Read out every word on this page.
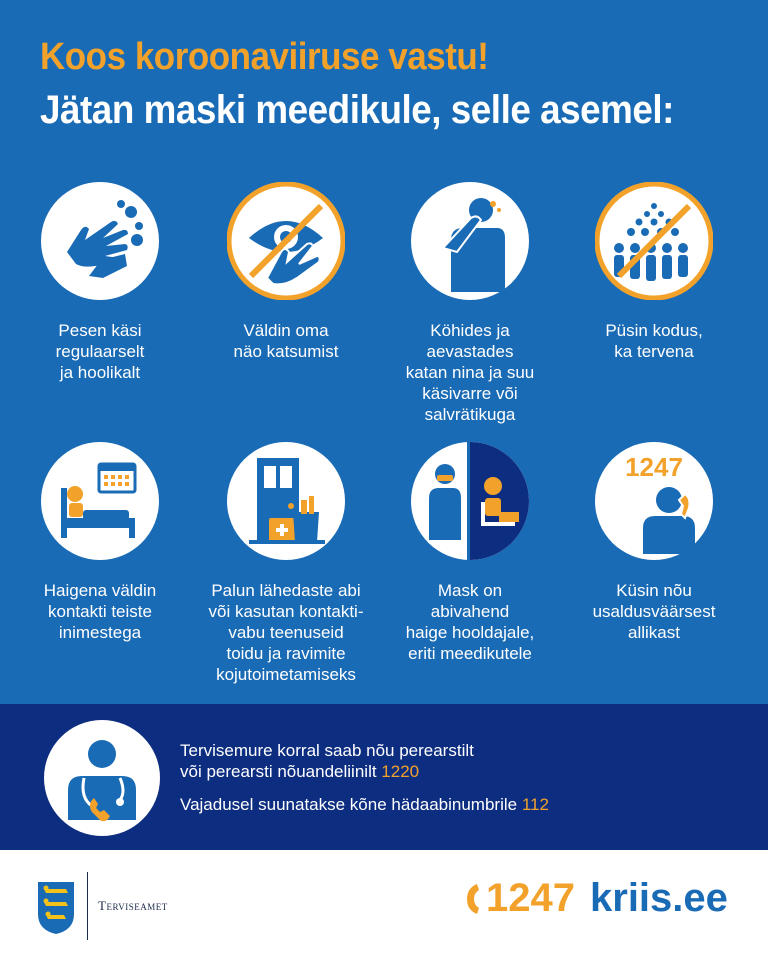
Koos koroonaviiruse vastu!
Jätan maski meedikule, selle asemel:
Pesen käsi
regulaarselt
ja hoolikalt
Väldin oma
näo katsumist
Köhides ja
aevastades
katan nina ja suu
käsivarre või
salvrätikuga
Püsin kodus,
ka tervena
Haigena väldin
kontakti teiste
inimestega
Palun lähedaste abi
või kasutan kontakti-
vabu teenuseid
toidu ja ravimite
kojutoimetamiseks
Mask on
abivahend
haige hooldajale,
eriti meedikutele
1247
Küsin nõu
usaldusväärsest
allikast
Tervisemure korral saab nõu perearstilt
või perearsti nõuandeliinilt 1220
Vajadusel suunatakse kõne hädaabinumbrile 112
Terviseamet	1247 kriis.ee
